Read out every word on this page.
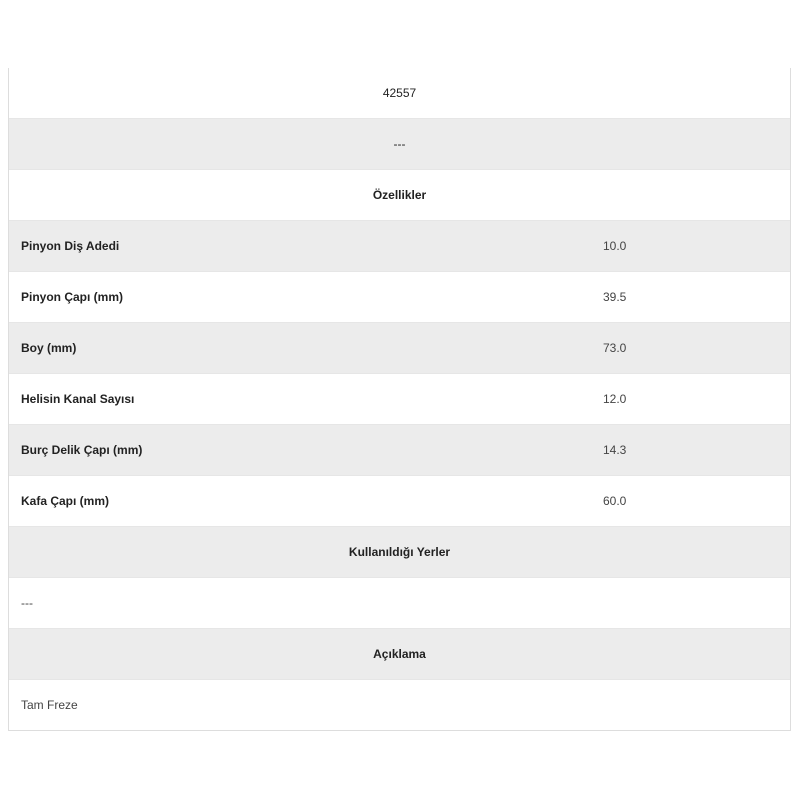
42557
---
Özellikler
Pinyon Diş Adedi	10.0
Pinyon Çapı (mm)	39.5
Boy (mm)	73.0
Helisin Kanal Sayısı	12.0
Burç Delik Çapı (mm)	14.3
Kafa Çapı (mm)	60.0
Kullanıldığı Yerler
---
Açıklama
Tam Freze
